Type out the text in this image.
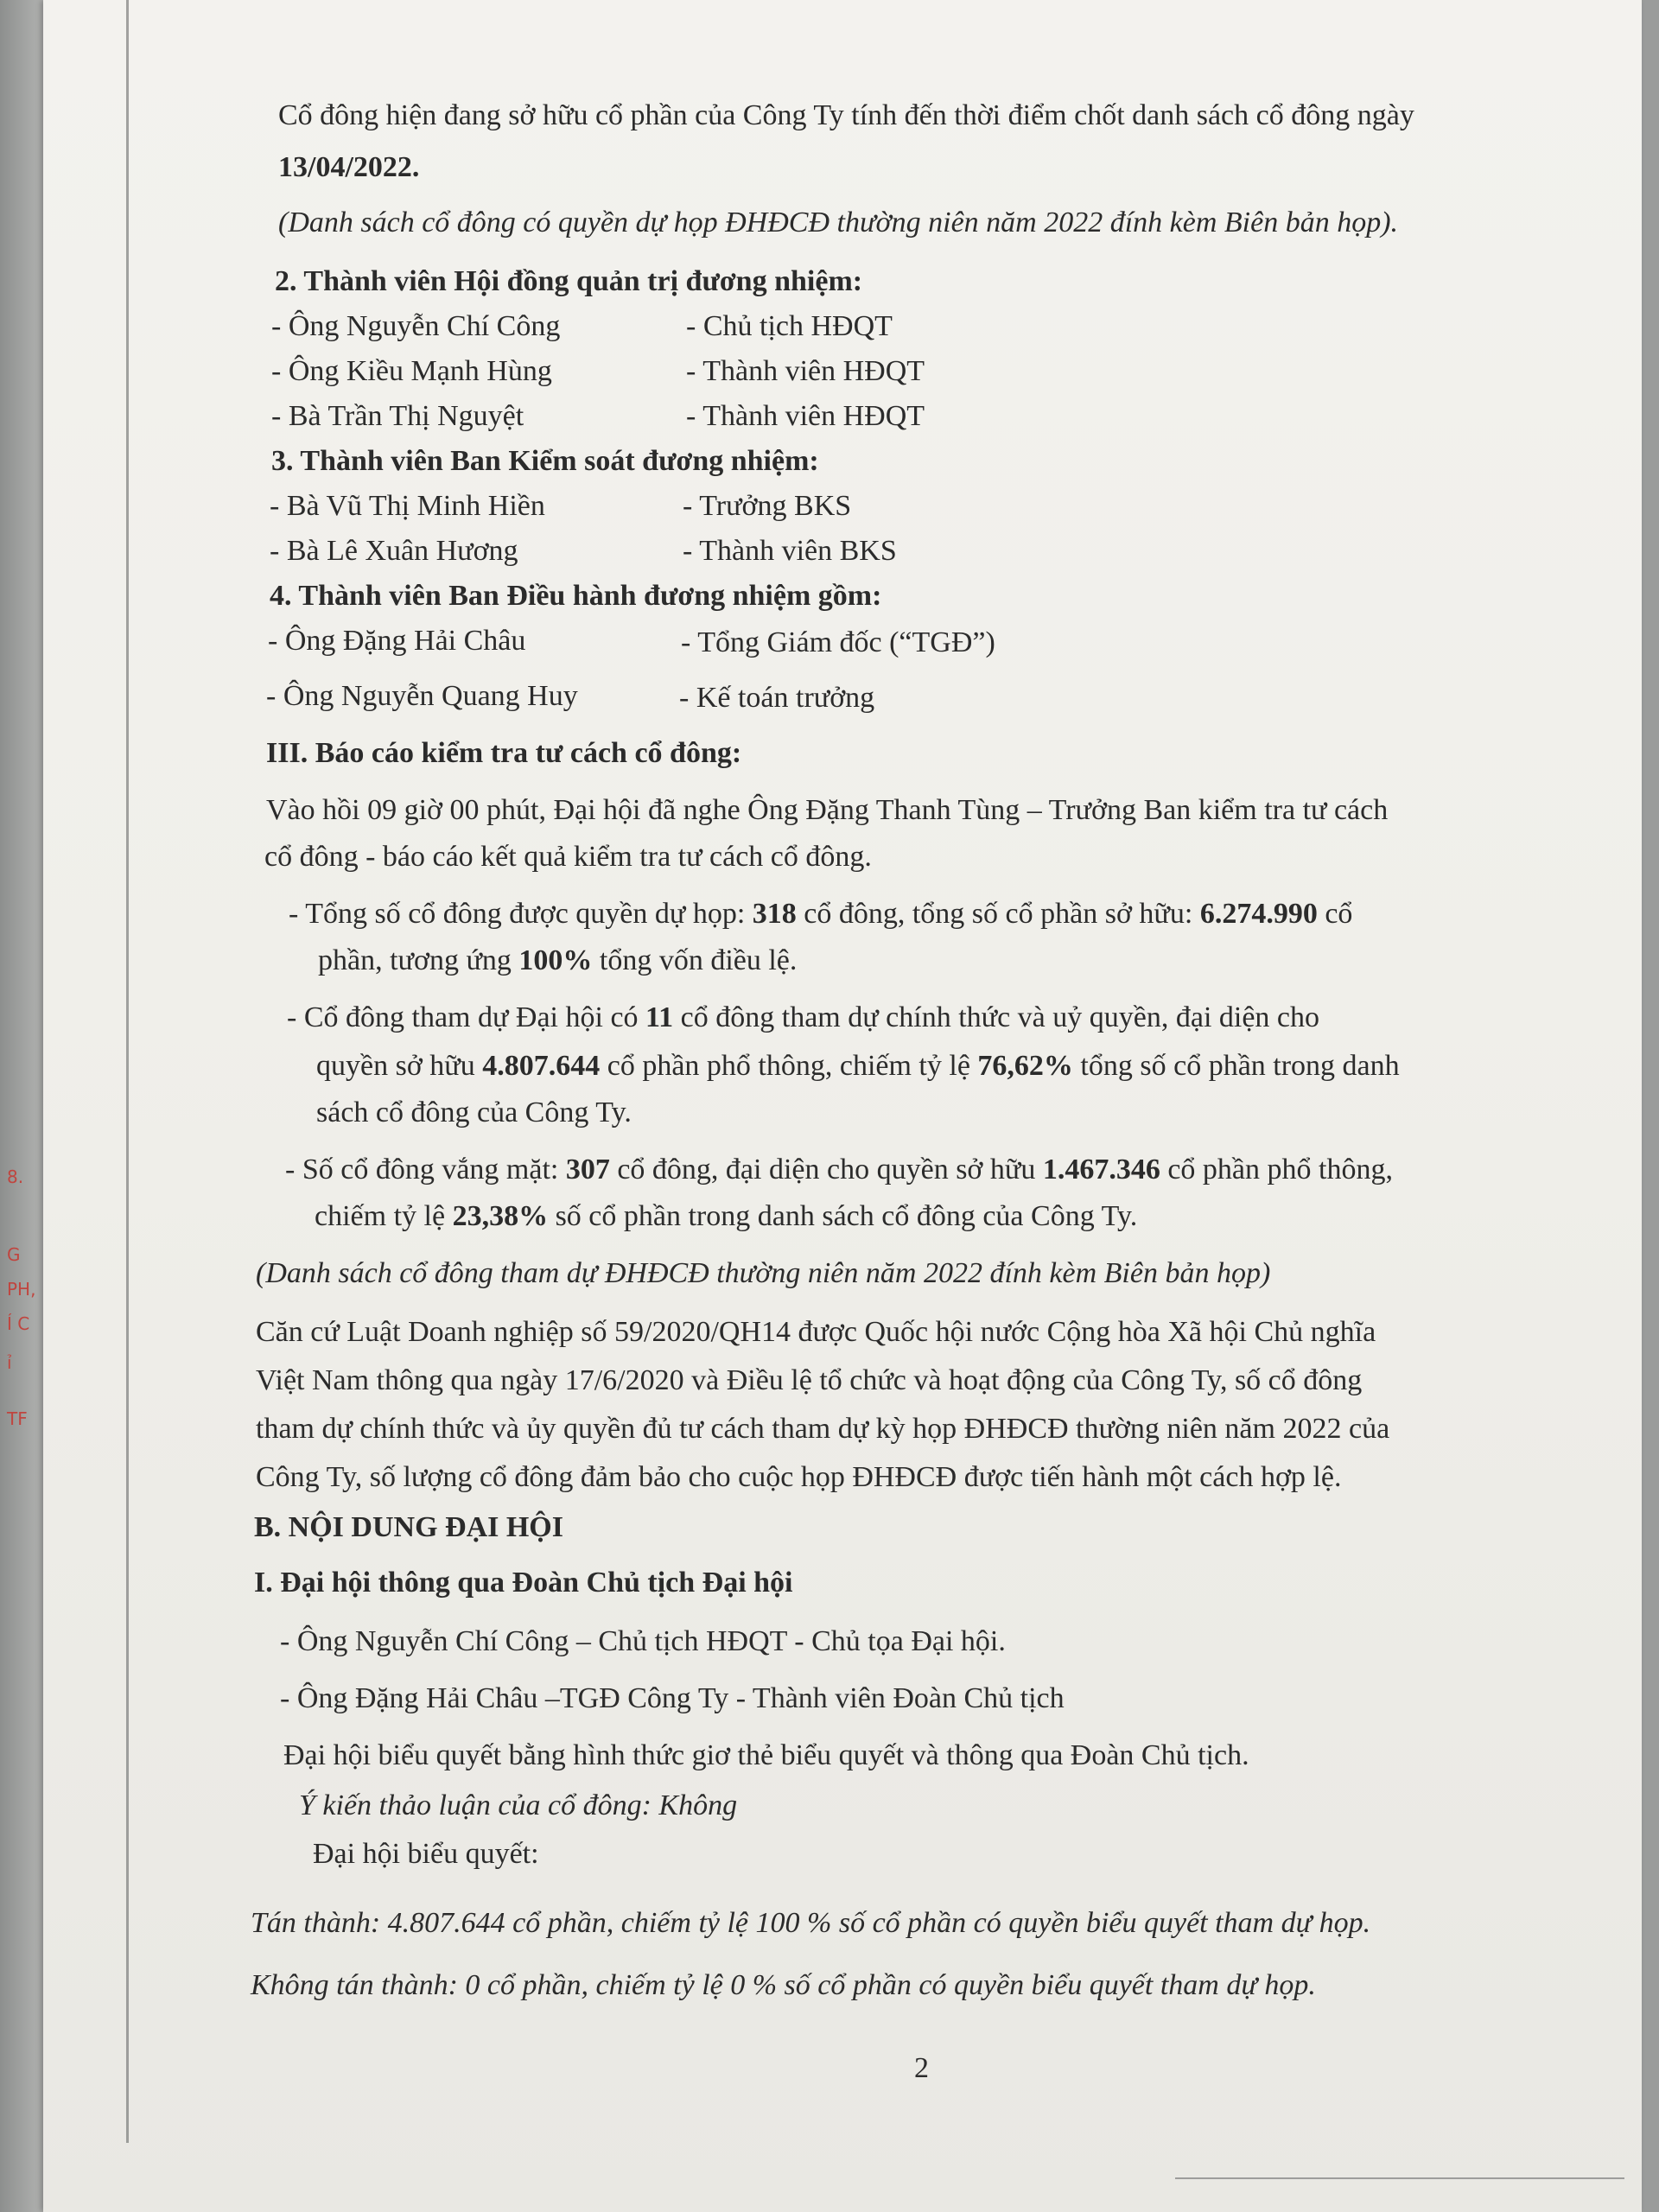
8.
G
PH,
Í C
ỉ
TF
Cổ đông hiện đang sở hữu cổ phần của Công Ty tính đến thời điểm chốt danh sách cổ đông ngày
13/04/2022.
(Danh sách cổ đông có quyền dự họp ĐHĐCĐ thường niên năm 2022 đính kèm Biên bản họp).
2. Thành viên Hội đồng quản trị đương nhiệm:
- Ông Nguyễn Chí Công	- Chủ tịch HĐQT
- Ông Kiều Mạnh Hùng	- Thành viên HĐQT
- Bà Trần Thị Nguyệt	- Thành viên HĐQT
3. Thành viên Ban Kiểm soát đương nhiệm:
- Bà Vũ Thị Minh Hiền	- Trưởng BKS
- Bà Lê Xuân Hương	- Thành viên BKS
4. Thành viên Ban Điều hành đương nhiệm gồm:
- Ông Đặng Hải Châu	- Tổng Giám đốc (“TGĐ”)
- Ông Nguyễn Quang Huy	- Kế toán trưởng
III. Báo cáo kiểm tra tư cách cổ đông:
Vào hồi 09 giờ 00 phút, Đại hội đã nghe Ông Đặng Thanh Tùng – Trưởng Ban kiểm tra tư cách
cổ đông - báo cáo kết quả kiểm tra tư cách cổ đông.
- Tổng số cổ đông được quyền dự họp: 318 cổ đông, tổng số cổ phần sở hữu: 6.274.990 cổ
phần, tương ứng 100% tổng vốn điều lệ.
- Cổ đông tham dự Đại hội có 11 cổ đông tham dự chính thức và uỷ quyền, đại diện cho
quyền sở hữu 4.807.644 cổ phần phổ thông, chiếm tỷ lệ 76,62% tổng số cổ phần trong danh
sách cổ đông của Công Ty.
- Số cổ đông vắng mặt: 307 cổ đông, đại diện cho quyền sở hữu 1.467.346 cổ phần phổ thông,
chiếm tỷ lệ 23,38% số cổ phần trong danh sách cổ đông của Công Ty.
(Danh sách cổ đông tham dự ĐHĐCĐ thường niên năm 2022 đính kèm Biên bản họp)
Căn cứ Luật Doanh nghiệp số 59/2020/QH14 được Quốc hội nước Cộng hòa Xã hội Chủ nghĩa
Việt Nam thông qua ngày 17/6/2020 và Điều lệ tổ chức và hoạt động của Công Ty, số cổ đông
tham dự chính thức và ủy quyền đủ tư cách tham dự kỳ họp ĐHĐCĐ thường niên năm 2022 của
Công Ty, số lượng cổ đông đảm bảo cho cuộc họp ĐHĐCĐ được tiến hành một cách hợp lệ.
B. NỘI DUNG ĐẠI HỘI
I. Đại hội thông qua Đoàn Chủ tịch Đại hội
- Ông Nguyễn Chí Công – Chủ tịch HĐQT - Chủ tọa Đại hội.
- Ông Đặng Hải Châu –TGĐ Công Ty - Thành viên Đoàn Chủ tịch
Đại hội biểu quyết bằng hình thức giơ thẻ biểu quyết và thông qua Đoàn Chủ tịch.
Ý kiến thảo luận của cổ đông: Không
Đại hội biểu quyết:
Tán thành: 4.807.644 cổ phần, chiếm tỷ lệ 100 % số cổ phần có quyền biểu quyết tham dự họp.
Không tán thành: 0 cổ phần, chiếm tỷ lệ 0 % số cổ phần có quyền biểu quyết tham dự họp.
2
